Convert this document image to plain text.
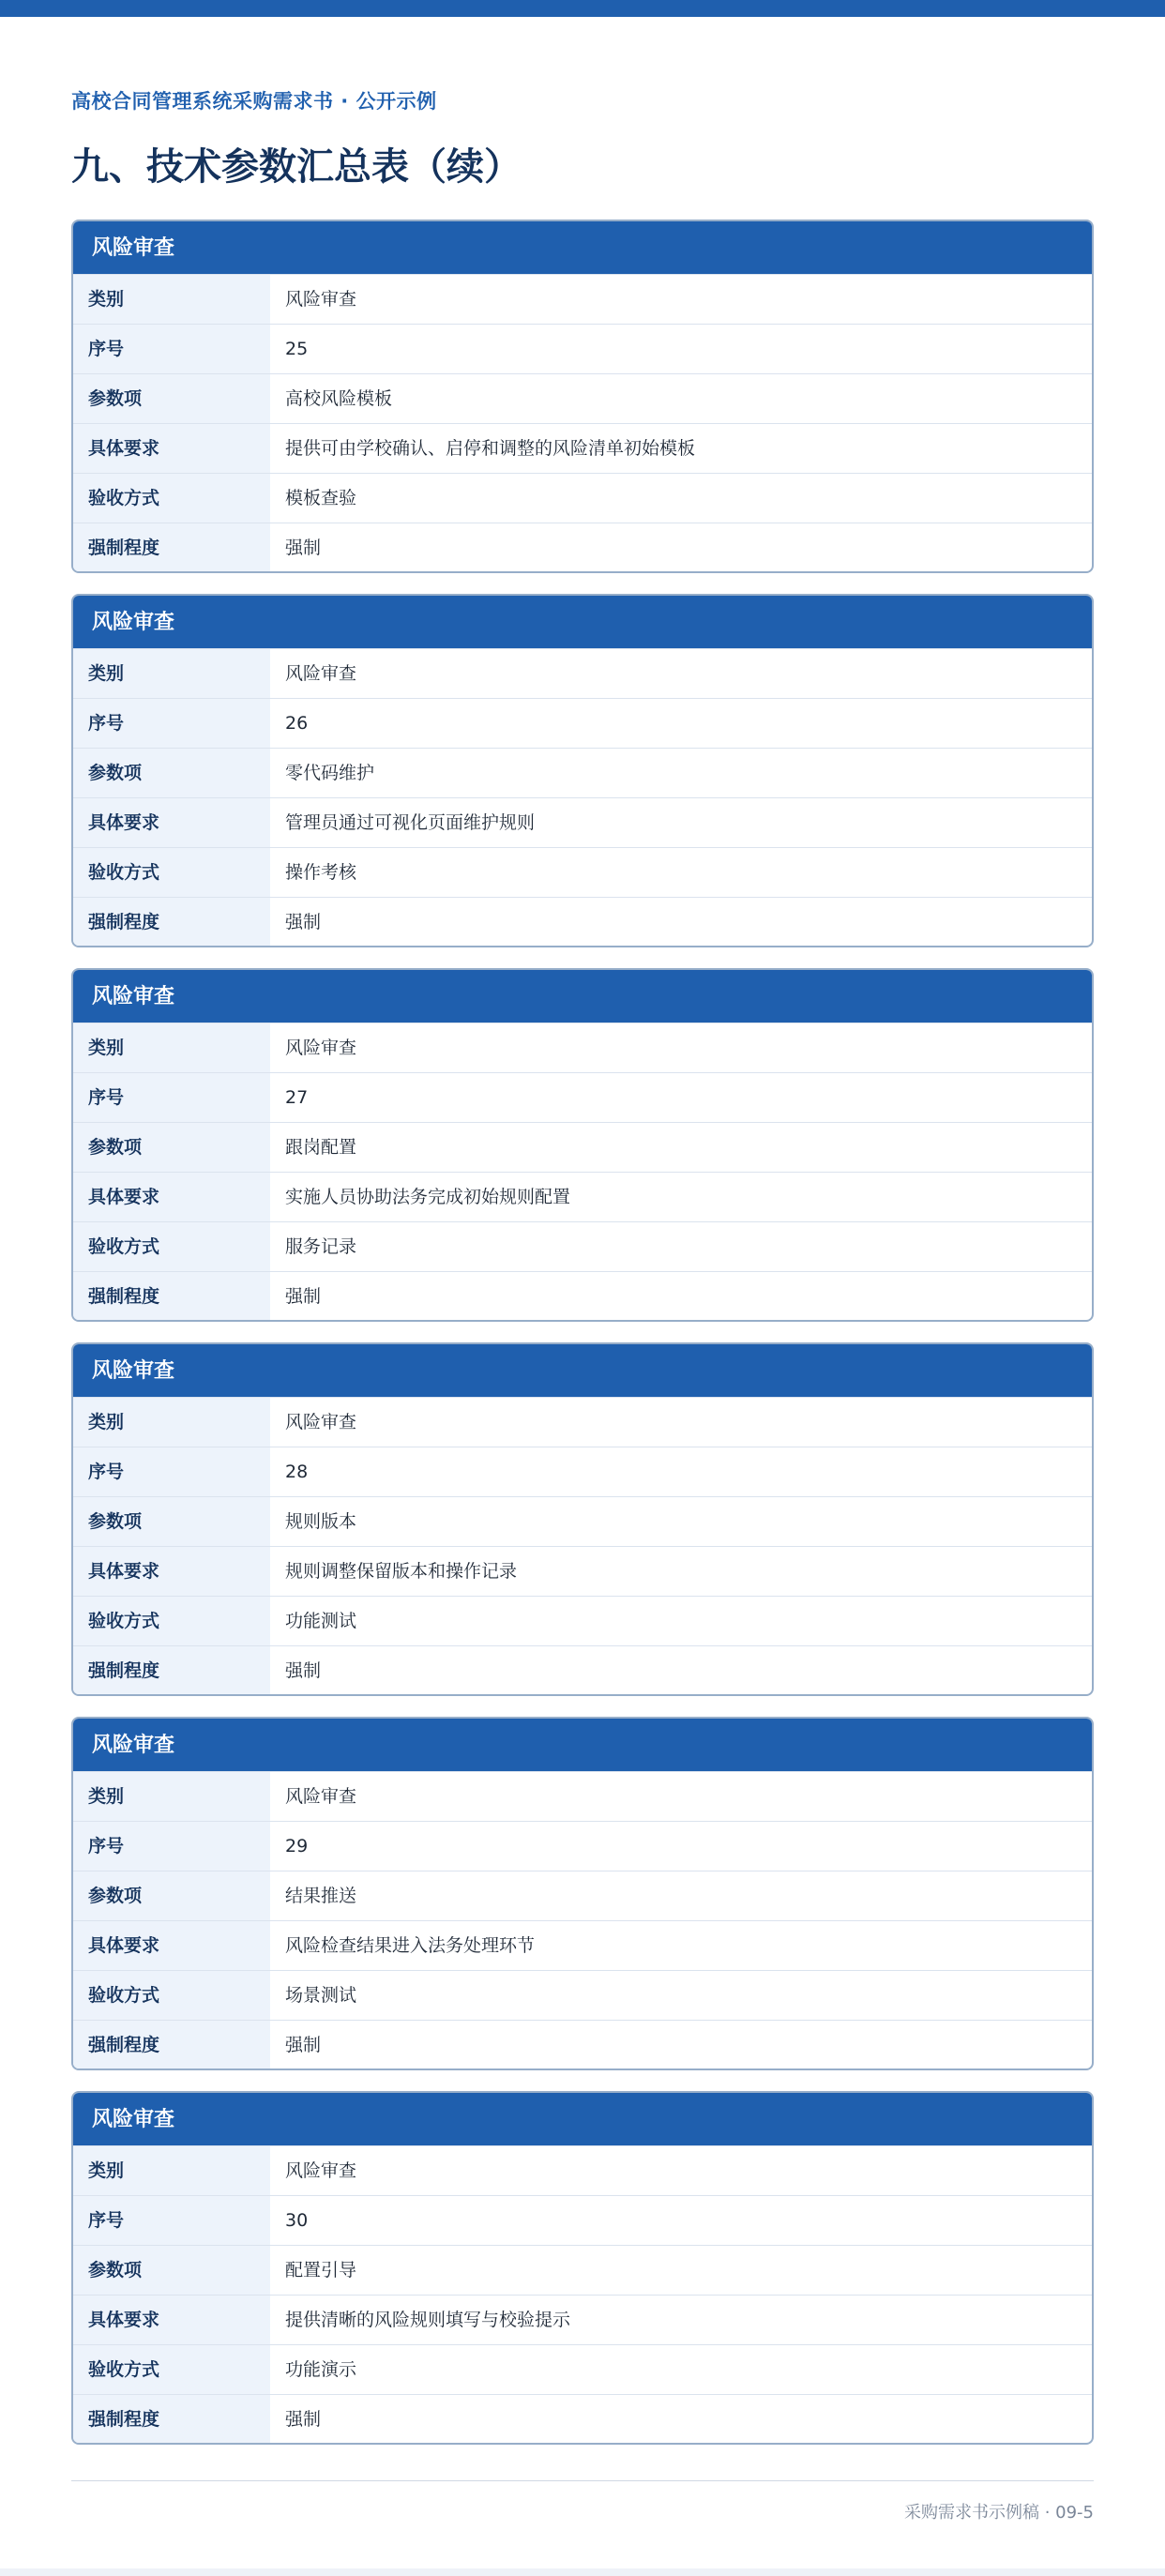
高校合同管理系统采购需求书 · 公开示例
九、技术参数汇总表（续）
风险审查
类别	风险审查
序号	25
参数项	高校风险模板
具体要求	提供可由学校确认、启停和调整的风险清单初始模板
验收方式	模板查验
强制程度	强制
风险审查
类别	风险审查
序号	26
参数项	零代码维护
具体要求	管理员通过可视化页面维护规则
验收方式	操作考核
强制程度	强制
风险审查
类别	风险审查
序号	27
参数项	跟岗配置
具体要求	实施人员协助法务完成初始规则配置
验收方式	服务记录
强制程度	强制
风险审查
类别	风险审查
序号	28
参数项	规则版本
具体要求	规则调整保留版本和操作记录
验收方式	功能测试
强制程度	强制
风险审查
类别	风险审查
序号	29
参数项	结果推送
具体要求	风险检查结果进入法务处理环节
验收方式	场景测试
强制程度	强制
风险审查
类别	风险审查
序号	30
参数项	配置引导
具体要求	提供清晰的风险规则填写与校验提示
验收方式	功能演示
强制程度	强制
采购需求书示例稿 · 09-5
